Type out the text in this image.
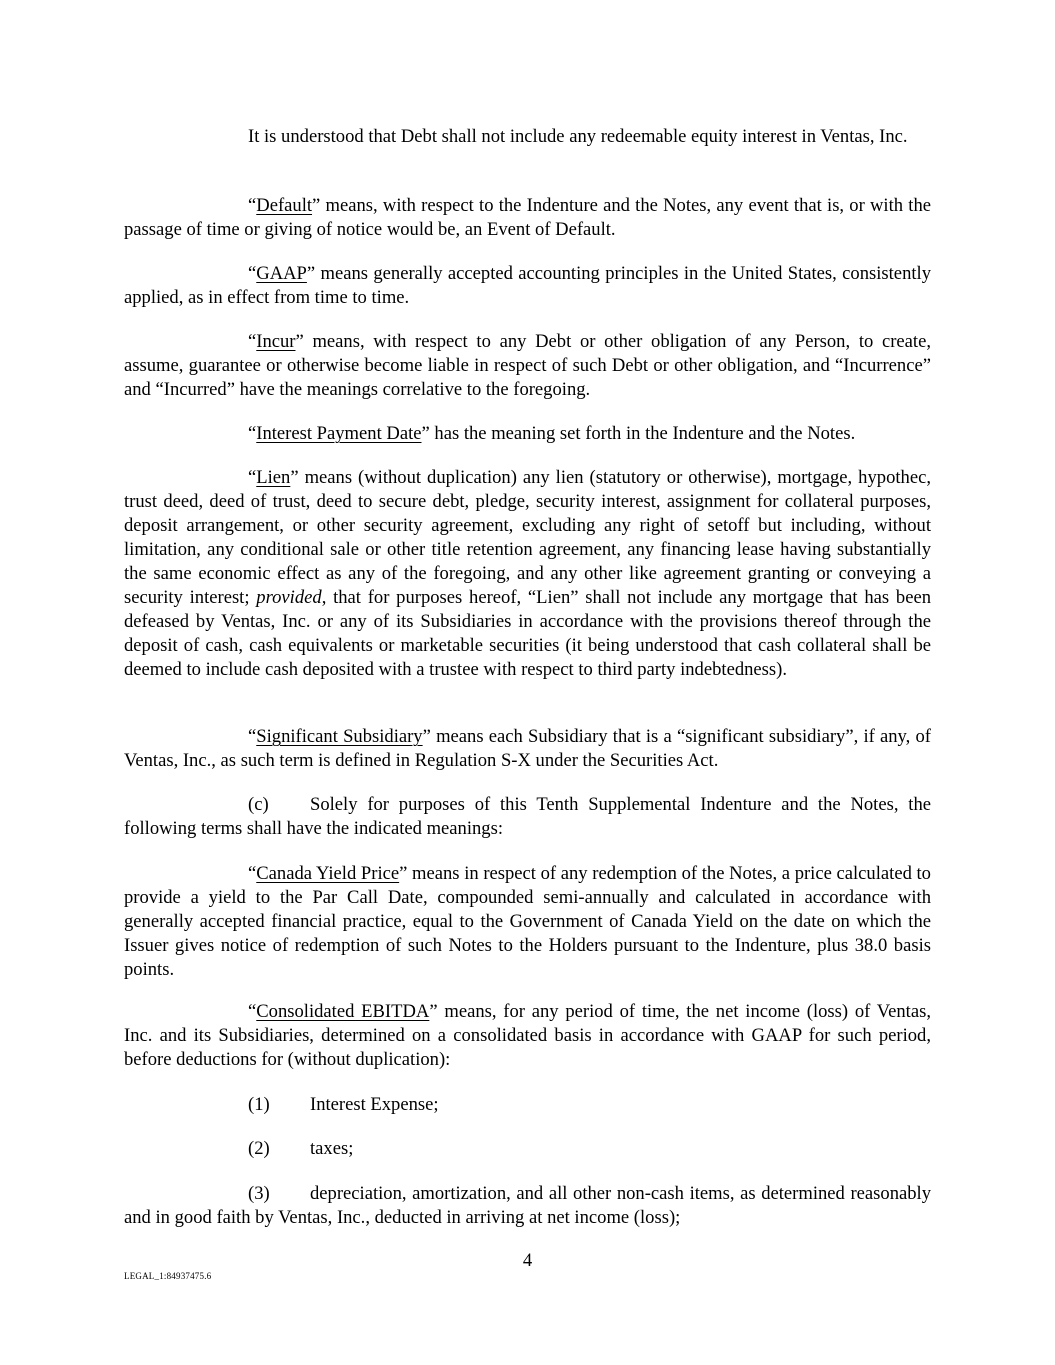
It is understood that Debt shall not include any redeemable equity interest in Ventas, Inc.

“Default” means, with respect to the Indenture and the Notes, any event that is, or with the passage of time or giving of notice would be, an Event of Default.

“GAAP” means generally accepted accounting principles in the United States, consistently applied, as in effect from time to time.

“Incur” means, with respect to any Debt or other obligation of any Person, to create, assume, guarantee or otherwise become liable in respect of such Debt or other obligation, and “Incurrence” and “Incurred” have the meanings correlative to the foregoing.

“Interest Payment Date” has the meaning set forth in the Indenture and the Notes.

“Lien” means (without duplication) any lien (statutory or otherwise), mortgage, hypothec, trust deed, deed of trust, deed to secure debt, pledge, security interest, assignment for collateral purposes, deposit arrangement, or other security agreement, excluding any right of setoff but including, without limitation, any conditional sale or other title retention agreement, any financing lease having substantially the same economic effect as any of the foregoing, and any other like agreement granting or conveying a security interest; provided, that for purposes hereof, “Lien” shall not include any mortgage that has been defeased by Ventas, Inc. or any of its Subsidiaries in accordance with the provisions thereof through the deposit of cash, cash equivalents or marketable securities (it being understood that cash collateral shall be deemed to include cash deposited with a trustee with respect to third party indebtedness).

“Significant Subsidiary” means each Subsidiary that is a “significant subsidiary”, if any, of Ventas, Inc., as such term is defined in Regulation S-X under the Securities Act.

(c) Solely for purposes of this Tenth Supplemental Indenture and the Notes, the following terms shall have the indicated meanings:

“Canada Yield Price” means in respect of any redemption of the Notes, a price calculated to provide a yield to the Par Call Date, compounded semi-annually and calculated in accordance with generally accepted financial practice, equal to the Government of Canada Yield on the date on which the Issuer gives notice of redemption of such Notes to the Holders pursuant to the Indenture, plus 38.0 basis points.

“Consolidated EBITDA” means, for any period of time, the net income (loss) of Ventas, Inc. and its Subsidiaries, determined on a consolidated basis in accordance with GAAP for such period, before deductions for (without duplication):

(1) Interest Expense;

(2) taxes;

(3) depreciation, amortization, and all other non-cash items, as determined reasonably and in good faith by Ventas, Inc., deducted in arriving at net income (loss);

4
LEGAL_1:84937475.6
